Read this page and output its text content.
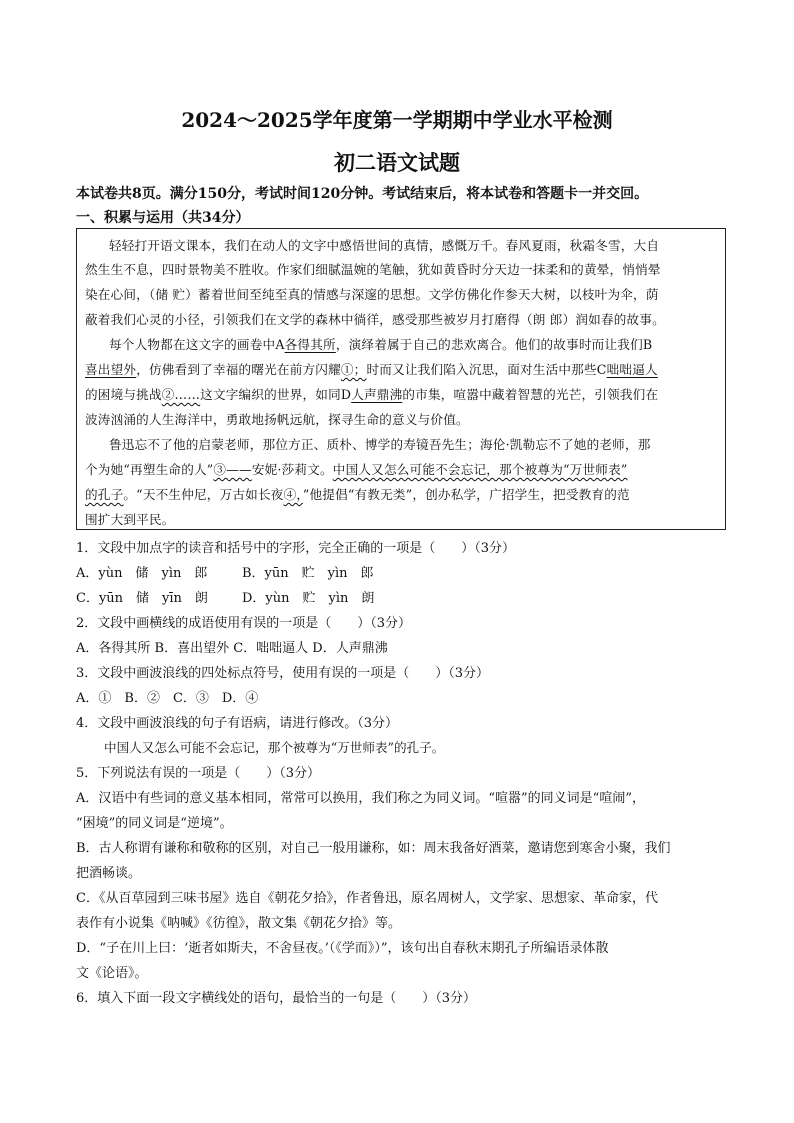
2024～2025学年度第一学期期中学业水平检测
初二语文试题
本试卷共8页。满分150分，考试时间120分钟。考试结束后，将本试卷和答题卡一并交回。
一、积累与运用（共34分）
轻轻打开语文课本，我们在动人的文字中感悟世间的真情，感慨万千。春风夏雨，秋霜冬雪，大自
然生生不息，四时景物美不胜收。作家们细腻温婉的笔触，犹如黄昏时分天边一抹柔和的黄晕，悄悄晕
染在心间，（储 贮）蓄着世间至纯至真的情感与深邃的思想。文学仿佛化作参天大树，以枝叶为伞，荫
蔽着我们心灵的小径，引领我们在文学的森林中徜徉，感受那些被岁月打磨得（朗 郎）润如春的故事。
每个人物都在这文字的画卷中A各得其所，演绎着属于自己的悲欢离合。他们的故事时而让我们B
喜出望外，仿佛看到了幸福的曙光在前方闪耀①；时而又让我们陷入沉思，面对生活中那些C咄咄逼人
的困境与挑战②……这文字编织的世界，如同D人声鼎沸的市集，喧嚣中藏着智慧的光芒，引领我们在
波涛汹涌的人生海洋中，勇敢地扬帆远航，探寻生命的意义与价值。
鲁迅忘不了他的启蒙老师，那位方正、质朴、博学的寿镜吾先生；海伦·凯勒忘不了她的老师，那
个为她“再塑生命的人”③——安妮·莎莉文。中国人又怎么可能不会忘记，那个被尊为“万世师表”
的孔子。“天不生仲尼，万古如长夜④，”他提倡“有教无类”，创办私学，广招学生，把受教育的范
围扩大到平民。
1．文段中加点字的读音和括号中的字形，完全正确的一项是（　　）（3分）
A．yùn　储　yìn　郎	B．yūn　贮　yìn　郎
C．yūn　储　yīn　朗	D．yùn　贮　yìn　朗
2．文段中画横线的成语使用有误的一项是（　　）（3分）
A．各得其所 B．喜出望外 C．咄咄逼人 D．人声鼎沸
3．文段中画波浪线的四处标点符号，使用有误的一项是（　　）（3分）
A．①　B．②　C．③　D．④
4．文段中画波浪线的句子有语病，请进行修改。（3分）
中国人又怎么可能不会忘记，那个被尊为“万世师表”的孔子。
5．下列说法有误的一项是（　　）（3分）
A．汉语中有些词的意义基本相同，常常可以换用，我们称之为同义词。“喧嚣”的同义词是“喧闹”，
“困境”的同义词是“逆境”。
B．古人称谓有谦称和敬称的区别，对自己一般用谦称，如：周末我备好酒菜，邀请您到寒舍小聚，我们
把酒畅谈。
C．《从百草园到三味书屋》选自《朝花夕拾》，作者鲁迅，原名周树人，文学家、思想家、革命家，代
表作有小说集《呐喊》《彷徨》，散文集《朝花夕拾》等。
D．“子在川上曰：‘逝者如斯夫，不舍昼夜。’（《学而》）”，该句出自春秋末期孔子所编语录体散
文《论语》。
6．填入下面一段文字横线处的语句，最恰当的一句是（　　）（3分）
